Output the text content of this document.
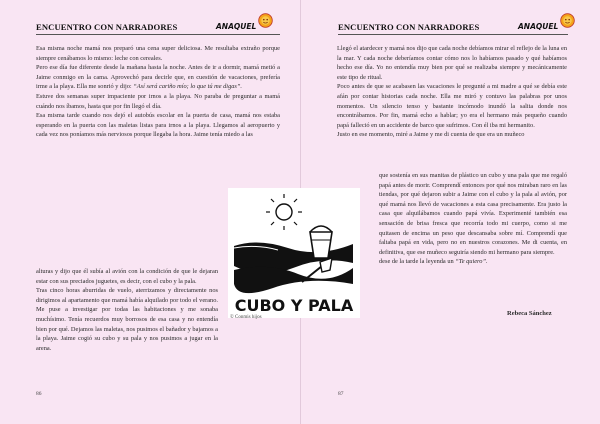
ENCUENTRO CON NARRADORES	ANAQUEL

Esa misma noche mamá nos preparó una cena super deliciosa. Me resultaba extraño porque siempre cenábamos lo mismo: leche con cereales.

Pero ese día fue diferente desde la mañana hasta la noche. Antes de ir a dormir, mamá metió a Jaime conmigo en la cama. Aprovechó para decirle que, en cuestión de vacaciones, prefería irme a la playa. Ella me sonrió y dijo: “Así será cariño mío; lo que tú me digas”.

Estuve dos semanas super impaciente por irnos a la playa. No paraba de preguntar a mamá cuándo nos íbamos, hasta que por fin llegó el día.

Esa misma tarde cuando nos dejó el autobús escolar en la puerta de casa, mamá nos estaba esperando en la puerta con las maletas listas para irnos a la playa. Llegamos al aeropuerto y cada vez nos poníamos más nerviosos porque llegaba la hora. Jaime tenía miedo a las

alturas y dijo que él subía al avión con la condición de que le dejaran estar con sus preciados juguetes, es decir, con el cubo y la pala.

Tras cinco horas aburridas de vuelo, aterrizamos y directamente nos dirigimos al apartamento que mamá había alquilado por todo el verano. Me puse a investigar por todas las habitaciones y me sonaba muchísimo. Tenía recuerdos muy borrosos de esa casa y no entendía bien por qué. Dejamos las maletas, nos pusimos el bañador y bajamos a la playa. Jaime cogió su cubo y su pala y nos pusimos a jugar en la arena.

86
ENCUENTRO CON NARRADORES	ANAQUEL
87

Llegó el atardecer y mamá nos dijo que cada noche debíamos mirar el reflejo de la luna en la mar. Y cada noche deberíamos contar cómo nos lo habíamos pasado y qué habíamos hecho ese día. Yo no entendía muy bien por qué se realizaba siempre y mecánicamente este tipo de ritual.

Poco antes de que se acabasen las vacaciones le pregunté a mi madre a qué se debía este afán por contar historias cada noche. Ella me miró y contuvo las palabras por unos momentos. Un silencio tenso y bastante incómodo inundó la salita donde nos encontrábamos. Por fin, mamá echo a hablar; yo era el hermano más pequeño cuando papá falleció en un accidente de barco que sufrimos. Con él iba mi hermanito.

Justo en ese momento, miré a Jaime y me di cuenta de que era un muñeco

que sostenía en sus manitas de plástico un cubo y una pala que me regaló papá antes de morir. Comprendí entonces por qué nos miraban raro en las tiendas, por qué dejaron subir a Jaime con el cubo y la pala al avión, por qué mamá nos llevó de vacaciones a esta casa precisamente. Era justo la casa que alquilábamos cuando papá vivía. Experimenté también esa sensación de brisa fresca que recorría todo mi cuerpo, como si me quitasen de encima un peso que descansaba sobre mí. Comprendí que faltaba papá en vida, pero no en nuestros corazones. Me di cuenta, en definitiva, que ese muñeco seguiría siendo mi hermano para siempre.

dese de la tarde la leyenda un “Te quiero”.

Rebeca Sánchez
CUBO Y PALA
© Conmis hijos
